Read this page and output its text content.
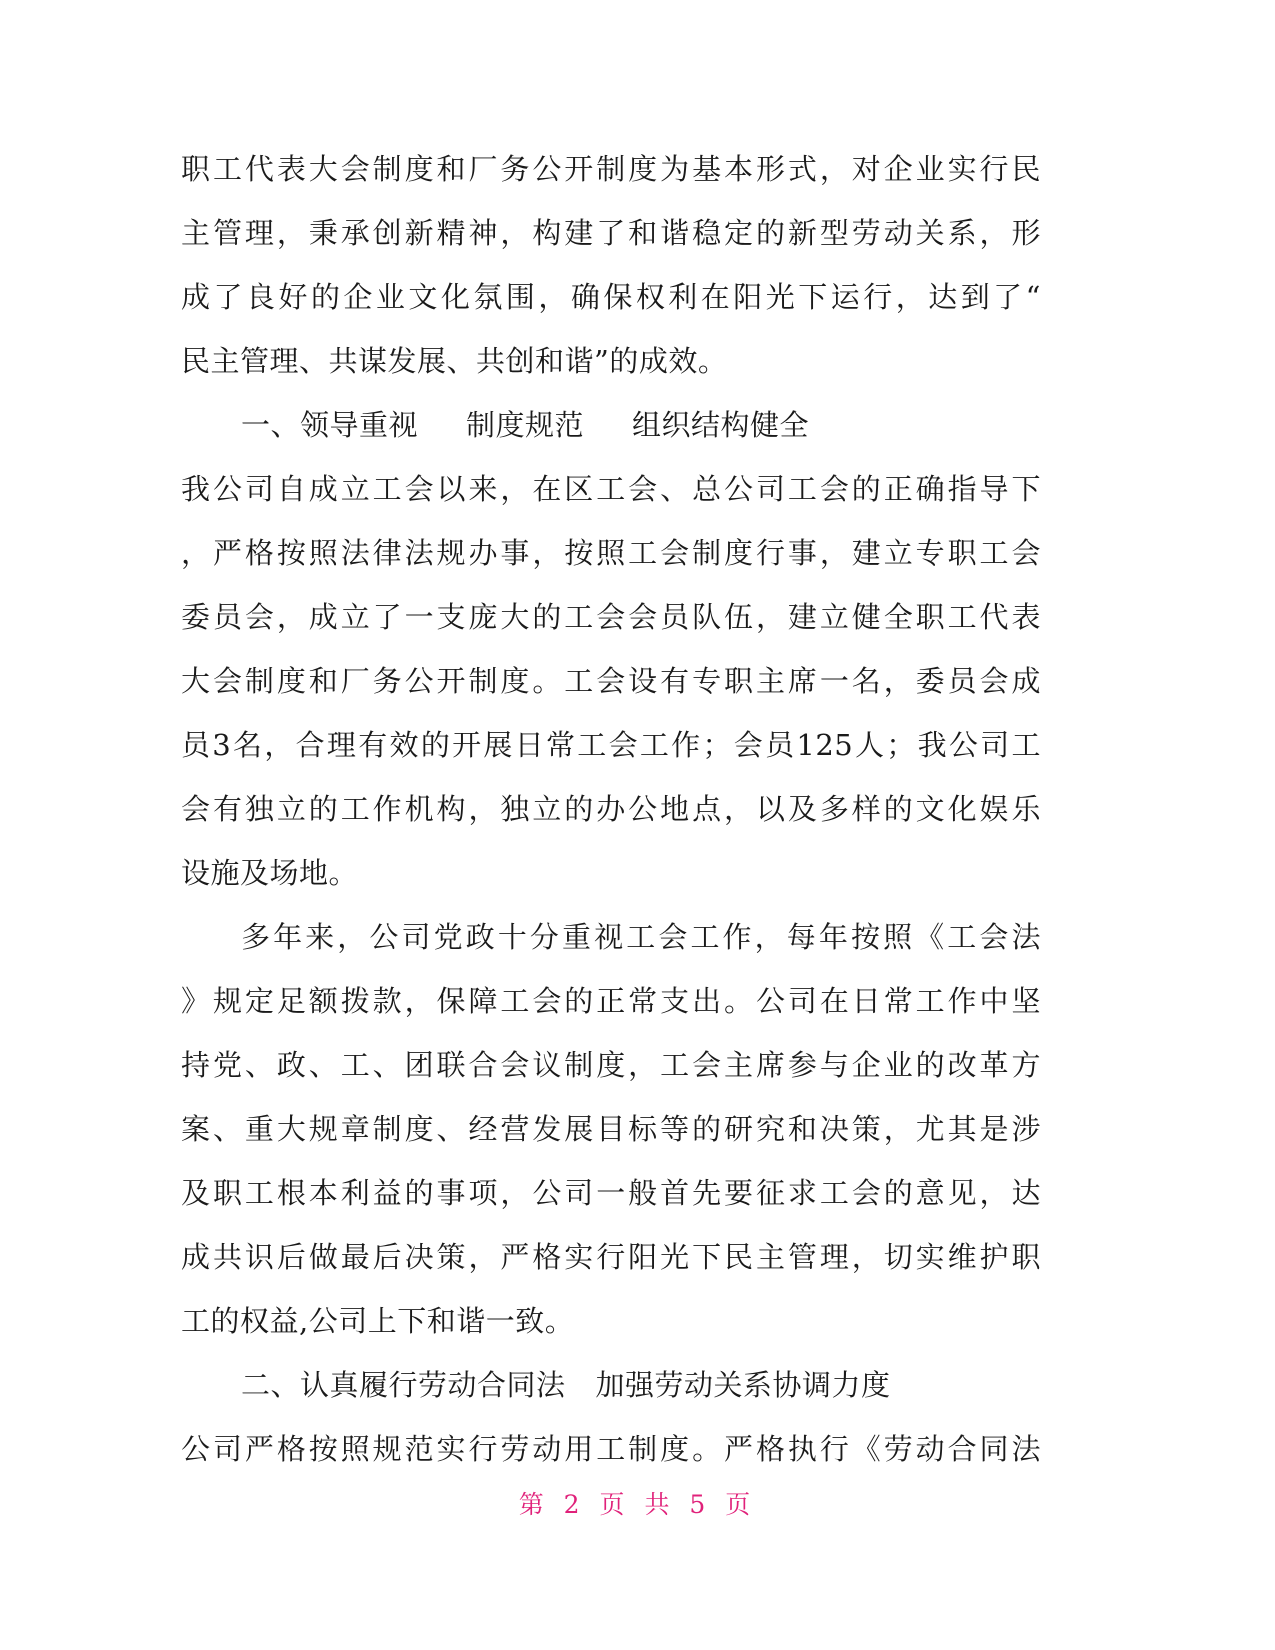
职工代表大会制度和厂务公开制度为基本形式，对企业实行民
主管理，秉承创新精神，构建了和谐稳定的新型劳动关系，形
成了良好的企业文化氛围，确保权利在阳光下运行，达到了“
民主管理、共谋发展、共创和谐”的成效。
一、领导重视 制度规范 组织结构健全
我公司自成立工会以来，在区工会、总公司工会的正确指导下
，严格按照法律法规办事，按照工会制度行事，建立专职工会
委员会，成立了一支庞大的工会会员队伍，建立健全职工代表
大会制度和厂务公开制度。工会设有专职主席一名，委员会成
员3名，合理有效的开展日常工会工作；会员125人；我公司工
会有独立的工作机构，独立的办公地点，以及多样的文化娱乐
设施及场地。
多年来，公司党政十分重视工会工作，每年按照《工会法
》规定足额拨款，保障工会的正常支出。公司在日常工作中坚
持党、政、工、团联合会议制度，工会主席参与企业的改革方
案、重大规章制度、经营发展目标等的研究和决策，尤其是涉
及职工根本利益的事项，公司一般首先要征求工会的意见，达
成共识后做最后决策，严格实行阳光下民主管理，切实维护职
工的权益,公司上下和谐一致。
二、认真履行劳动合同法 加强劳动关系协调力度
公司严格按照规范实行劳动用工制度。严格执行《劳动合同法
第 2 页 共 5 页
